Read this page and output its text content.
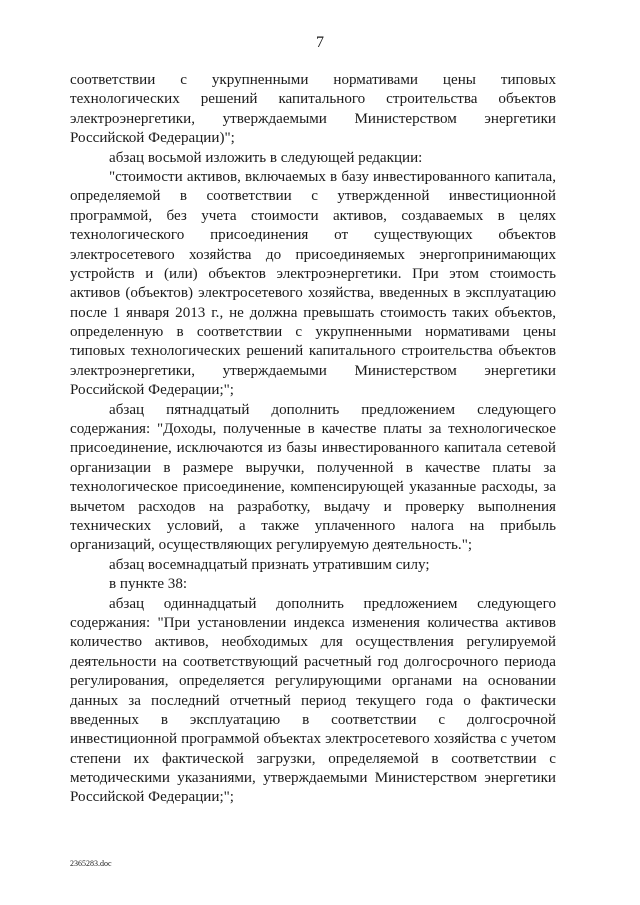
7
соответствии с укрупненными нормативами цены типовых
технологических решений капитального строительства объектов
электроэнергетики, утверждаемыми Министерством энергетики
Российской Федерации)";
абзац восьмой изложить в следующей редакции:
"стоимости активов, включаемых в базу инвестированного капитала,
определяемой в соответствии с утвержденной инвестиционной
программой, без учета стоимости активов, создаваемых в целях
технологического присоединения от существующих объектов
электросетевого хозяйства до присоединяемых энергопринимающих
устройств и (или) объектов электроэнергетики. При этом стоимость
активов (объектов) электросетевого хозяйства, введенных в эксплуатацию
после 1 января 2013 г., не должна превышать стоимость таких объектов,
определенную в соответствии с укрупненными нормативами цены
типовых технологических решений капитального строительства объектов
электроэнергетики, утверждаемыми Министерством энергетики
Российской Федерации;";
абзац пятнадцатый дополнить предложением следующего
содержания: "Доходы, полученные в качестве платы за технологическое
присоединение, исключаются из базы инвестированного капитала сетевой
организации в размере выручки, полученной в качестве платы за
технологическое присоединение, компенсирующей указанные расходы, за
вычетом расходов на разработку, выдачу и проверку выполнения
технических условий, а также уплаченного налога на прибыль
организаций, осуществляющих регулируемую деятельность.";
абзац восемнадцатый признать утратившим силу;
в пункте 38:
абзац одиннадцатый дополнить предложением следующего
содержания: "При установлении индекса изменения количества активов
количество активов, необходимых для осуществления регулируемой
деятельности на соответствующий расчетный год долгосрочного периода
регулирования, определяется регулирующими органами на основании
данных за последний отчетный период текущего года о фактически
введенных в эксплуатацию в соответствии с долгосрочной
инвестиционной программой объектах электросетевого хозяйства с учетом
степени их фактической загрузки, определяемой в соответствии с
методическими указаниями, утверждаемыми Министерством энергетики
Российской Федерации;";
2365283.doc
